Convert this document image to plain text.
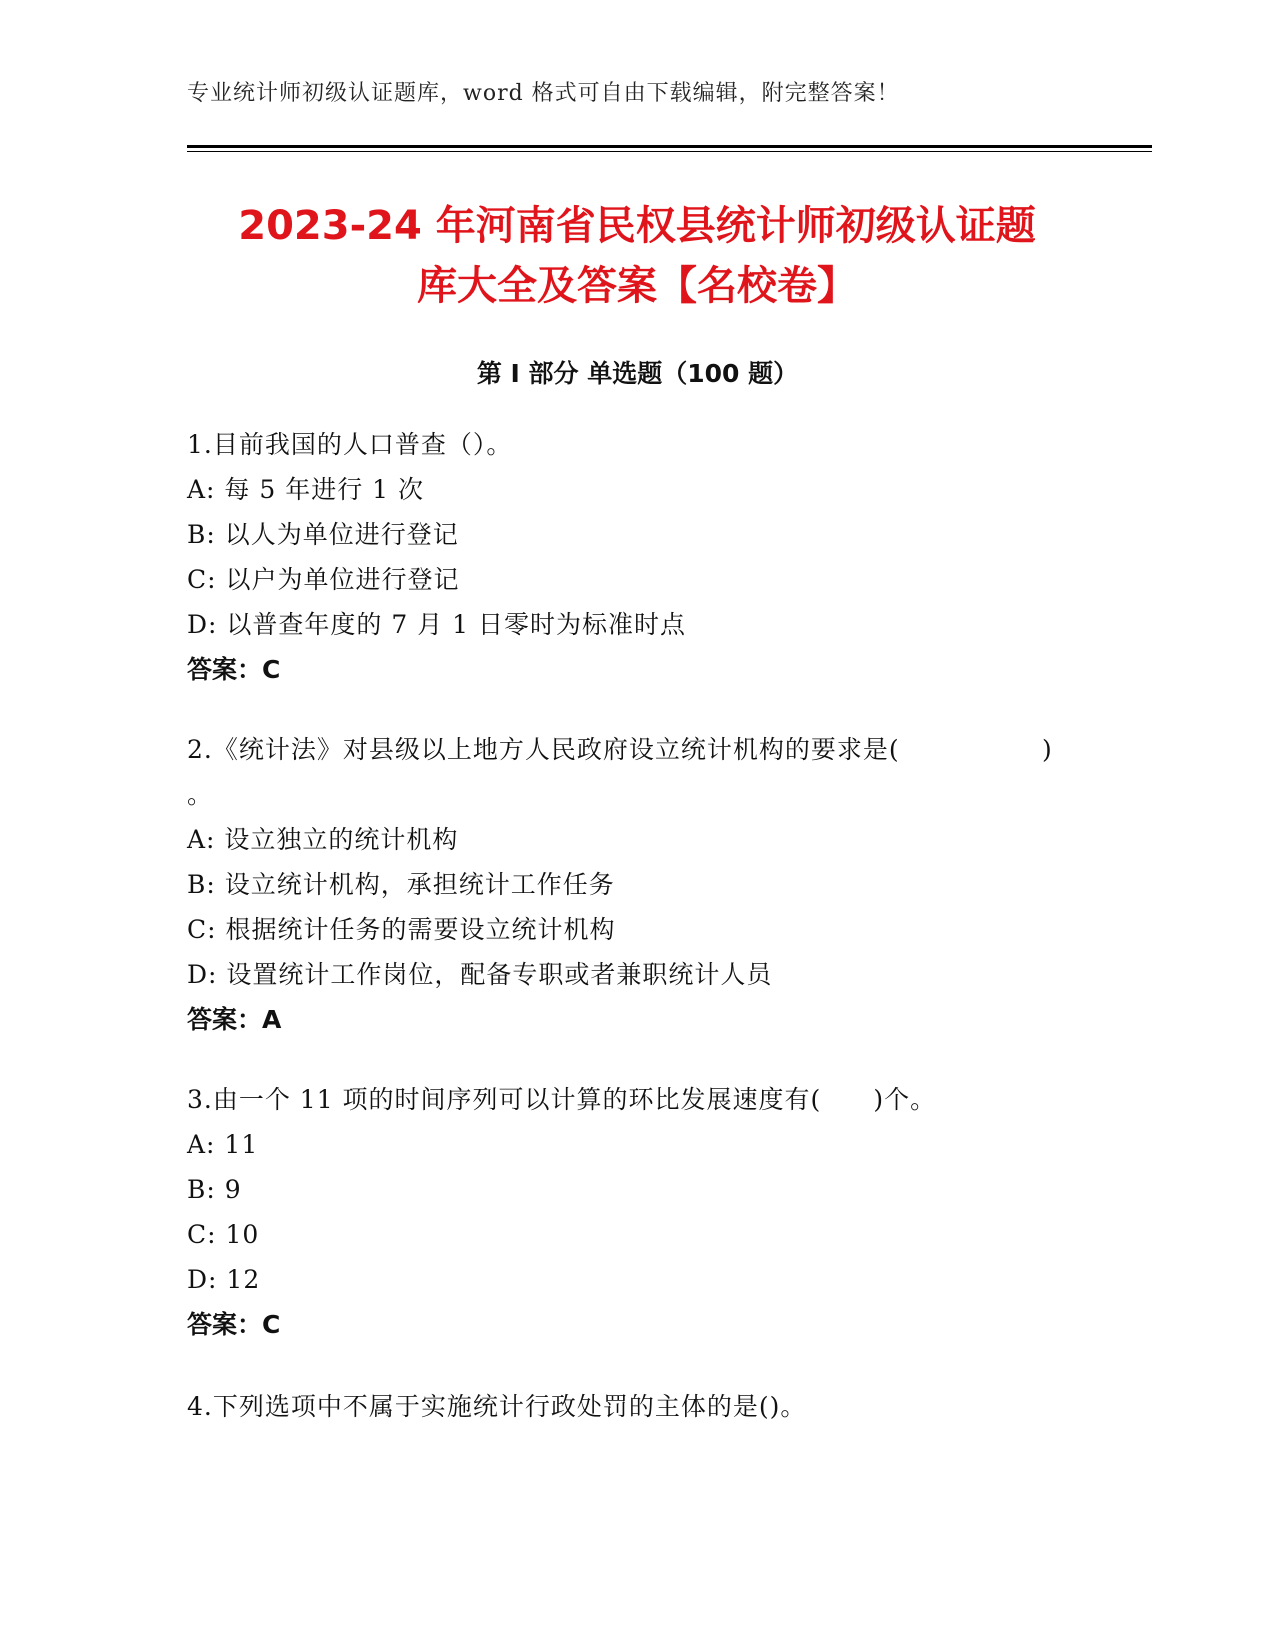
专业统计师初级认证题库，word 格式可自由下载编辑，附完整答案！
2023-24 年河南省民权县统计师初级认证题
库大全及答案【名校卷】
第 I 部分 单选题（100 题）
1.目前我国的人口普查（）。
A: 每 5 年进行 1 次
B: 以人为单位进行登记
C: 以户为单位进行登记
D: 以普查年度的 7 月 1 日零时为标准时点
答案：C
2.《统计法》对县级以上地方人民政府设立统计机构的要求是(	)
。
A: 设立独立的统计机构
B: 设立统计机构，承担统计工作任务
C: 根据统计任务的需要设立统计机构
D: 设置统计工作岗位，配备专职或者兼职统计人员
答案：A
3.由一个 11 项的时间序列可以计算的环比发展速度有(　　)个。
A: 11
B: 9
C: 10
D: 12
答案：C
4.下列选项中不属于实施统计行政处罚的主体的是()。
